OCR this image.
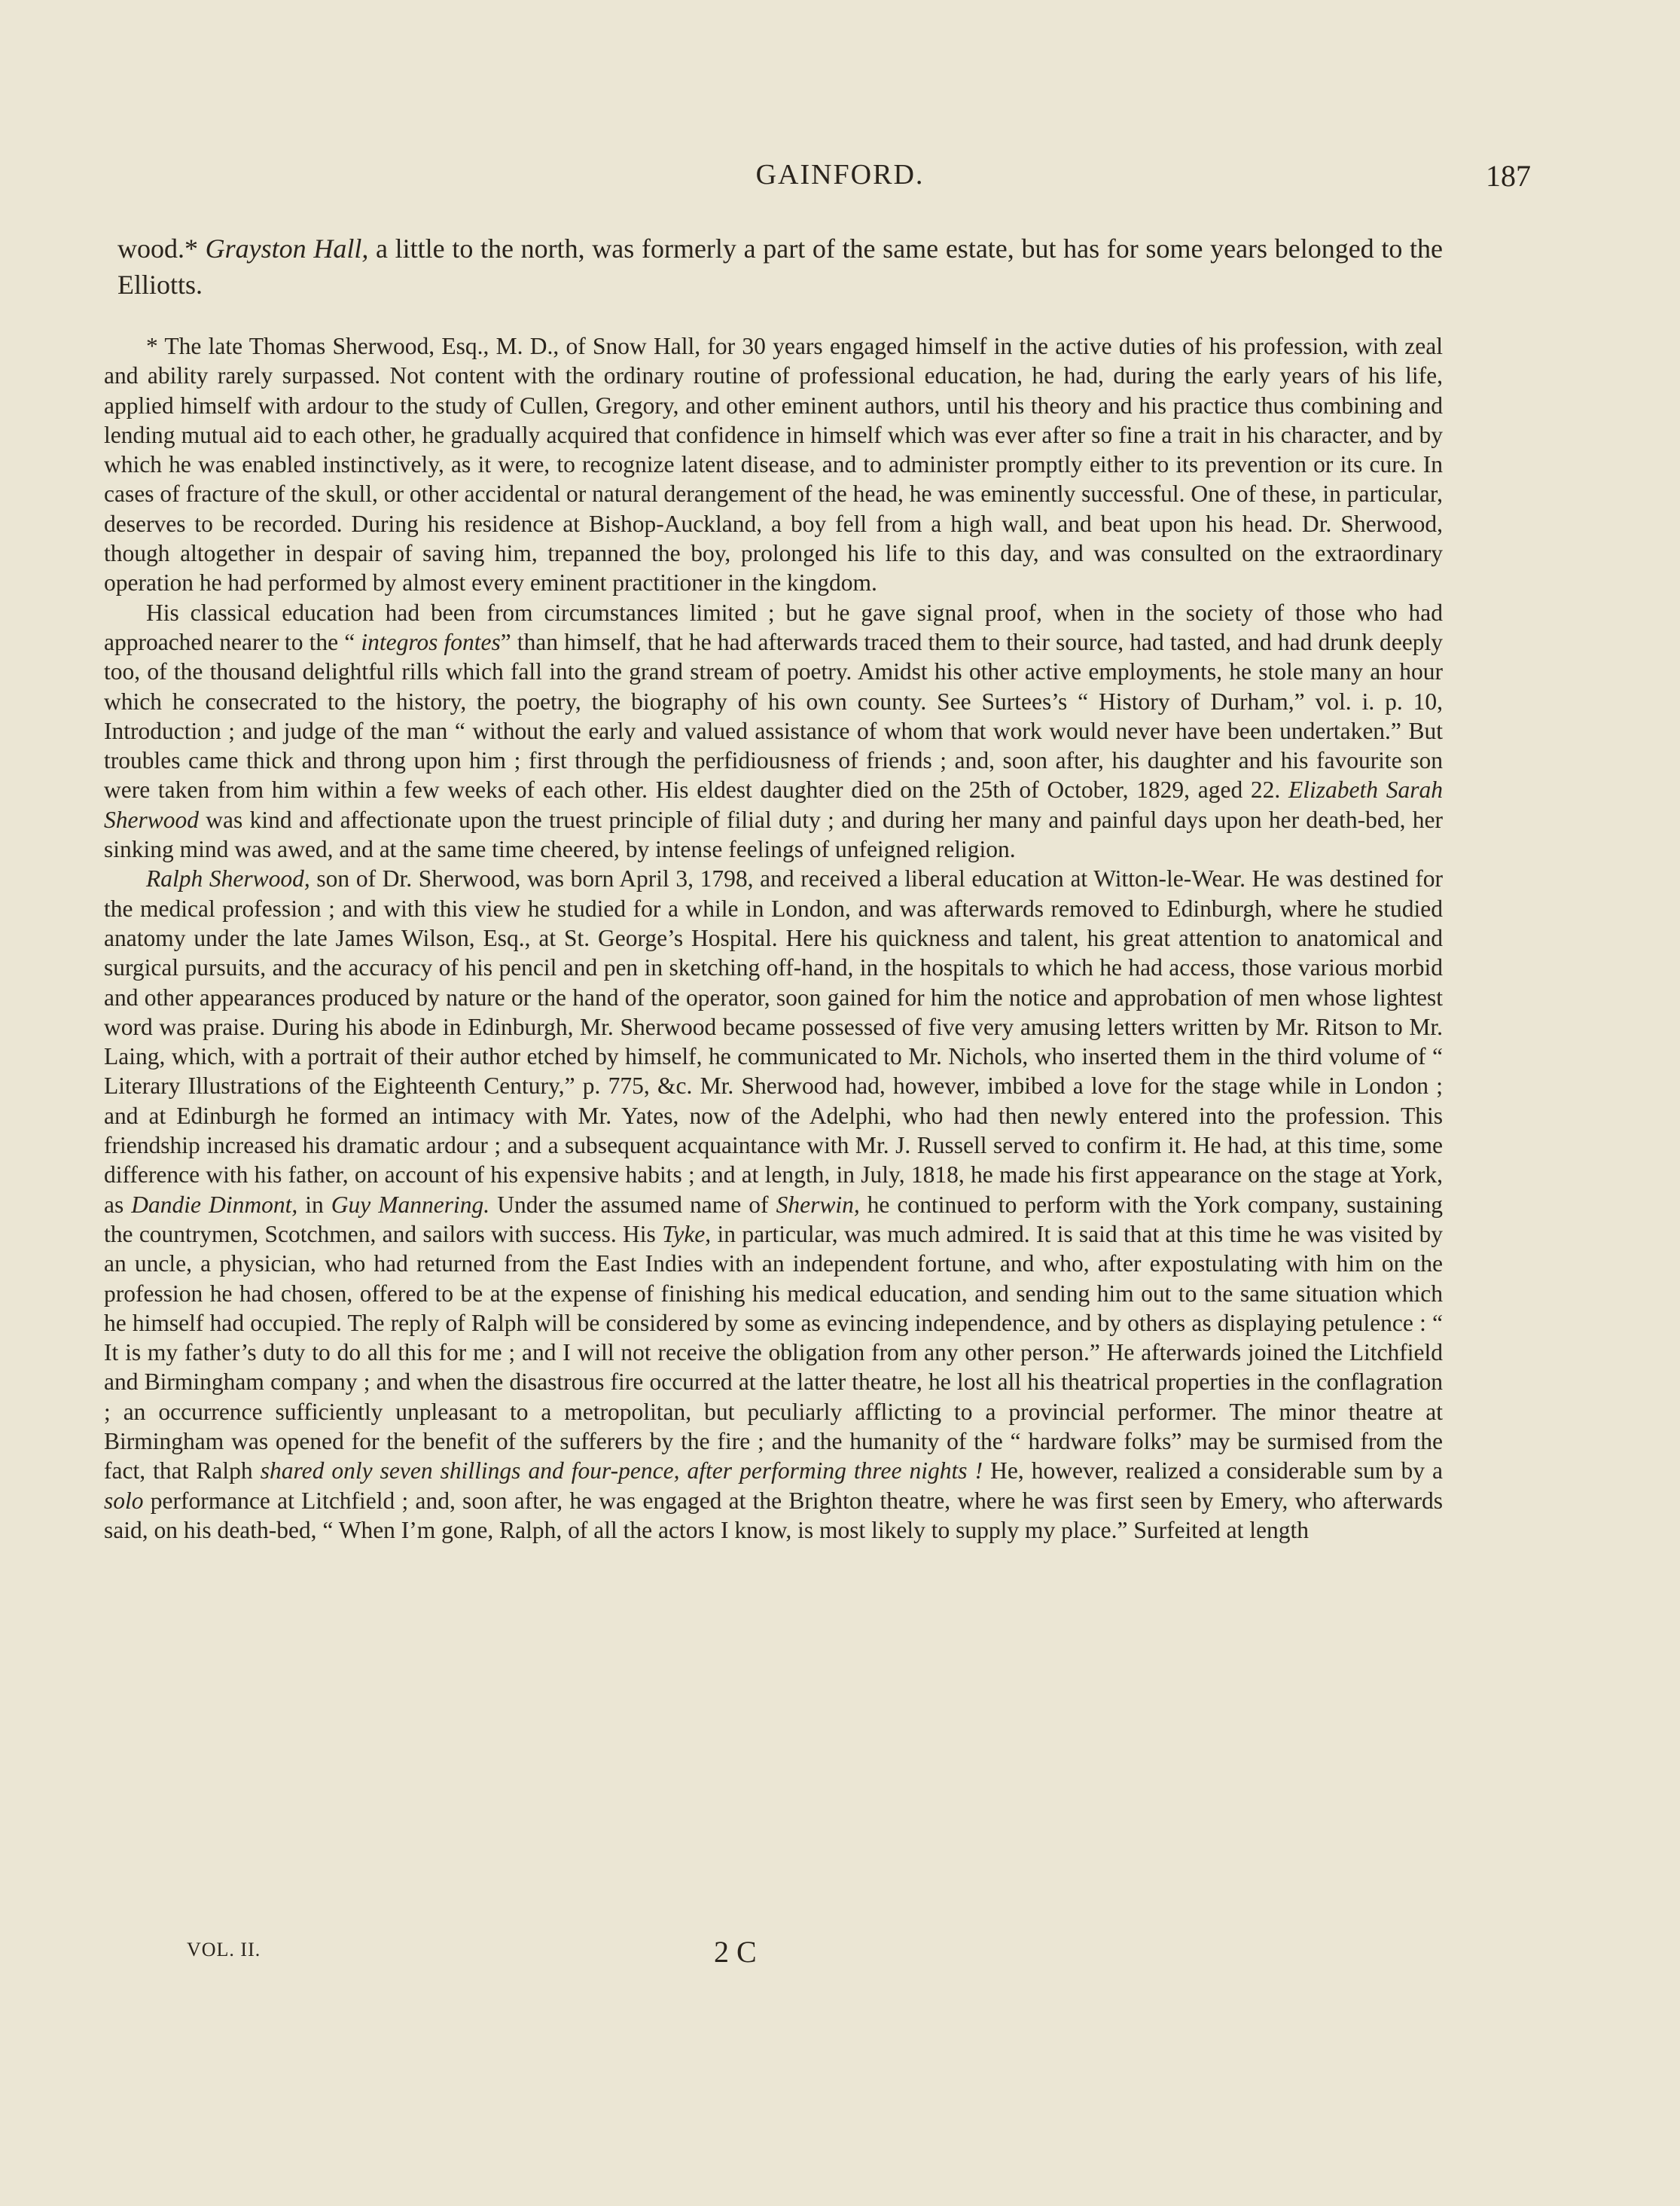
GAINFORD.	187
wood.* Grayston Hall, a little to the north, was formerly a part of the same estate, but has for some years belonged to the Elliotts.

* The late Thomas Sherwood, Esq., M. D., of Snow Hall, for 30 years engaged himself in the active duties of his profession, with zeal and ability rarely surpassed. Not content with the ordinary routine of professional education, he had, during the early years of his life, applied himself with ardour to the study of Cullen, Gregory, and other eminent authors, until his theory and his practice thus combining and lending mutual aid to each other, he gradually acquired that confidence in himself which was ever after so fine a trait in his character, and by which he was enabled instinctively, as it were, to recognize latent disease, and to administer promptly either to its prevention or its cure. In cases of fracture of the skull, or other accidental or natural derangement of the head, he was eminently successful. One of these, in particular, deserves to be recorded. During his residence at Bishop-Auckland, a boy fell from a high wall, and beat upon his head. Dr. Sherwood, though altogether in despair of saving him, trepanned the boy, prolonged his life to this day, and was consulted on the extraordinary operation he had performed by almost every eminent practitioner in the kingdom.

His classical education had been from circumstances limited ; but he gave signal proof, when in the society of those who had approached nearer to the “ integros fontes” than himself, that he had afterwards traced them to their source, had tasted, and had drunk deeply too, of the thousand delightful rills which fall into the grand stream of poetry. Amidst his other active employments, he stole many an hour which he consecrated to the history, the poetry, the biography of his own county. See Surtees’s “ History of Durham,” vol. i. p. 10, Introduction ; and judge of the man “ without the early and valued assistance of whom that work would never have been undertaken.” But troubles came thick and throng upon him ; first through the perfidiousness of friends ; and, soon after, his daughter and his favourite son were taken from him within a few weeks of each other. His eldest daughter died on the 25th of October, 1829, aged 22. Elizabeth Sarah Sherwood was kind and affectionate upon the truest principle of filial duty ; and during her many and painful days upon her death-bed, her sinking mind was awed, and at the same time cheered, by intense feelings of unfeigned religion.

Ralph Sherwood, son of Dr. Sherwood, was born April 3, 1798, and received a liberal education at Witton-le-Wear. He was destined for the medical profession ; and with this view he studied for a while in London, and was afterwards removed to Edinburgh, where he studied anatomy under the late James Wilson, Esq., at St. George’s Hospital. Here his quickness and talent, his great attention to anatomical and surgical pursuits, and the accuracy of his pencil and pen in sketching off-hand, in the hospitals to which he had access, those various morbid and other appearances produced by nature or the hand of the operator, soon gained for him the notice and approbation of men whose lightest word was praise. During his abode in Edinburgh, Mr. Sherwood became possessed of five very amusing letters written by Mr. Ritson to Mr. Laing, which, with a portrait of their author etched by himself, he communicated to Mr. Nichols, who inserted them in the third volume of “ Literary Illustrations of the Eighteenth Century,” p. 775, &c. Mr. Sherwood had, however, imbibed a love for the stage while in London ; and at Edinburgh he formed an intimacy with Mr. Yates, now of the Adelphi, who had then newly entered into the profession. This friendship increased his dramatic ardour ; and a subsequent acquaintance with Mr. J. Russell served to confirm it. He had, at this time, some difference with his father, on account of his expensive habits ; and at length, in July, 1818, he made his first appearance on the stage at York, as Dandie Dinmont, in Guy Mannering. Under the assumed name of Sherwin, he continued to perform with the York company, sustaining the countrymen, Scotchmen, and sailors with success. His Tyke, in particular, was much admired. It is said that at this time he was visited by an uncle, a physician, who had returned from the East Indies with an independent fortune, and who, after expostulating with him on the profession he had chosen, offered to be at the expense of finishing his medical education, and sending him out to the same situation which he himself had occupied. The reply of Ralph will be considered by some as evincing independence, and by others as displaying petulence : “ It is my father’s duty to do all this for me ; and I will not receive the obligation from any other person.” He afterwards joined the Litchfield and Birmingham company ; and when the disastrous fire occurred at the latter theatre, he lost all his theatrical properties in the conflagration ; an occurrence sufficiently unpleasant to a metropolitan, but peculiarly afflicting to a provincial performer. The minor theatre at Birmingham was opened for the benefit of the sufferers by the fire ; and the humanity of the “ hardware folks” may be surmised from the fact, that Ralph shared only seven shillings and four-pence, after performing three nights ! He, however, realized a considerable sum by a solo performance at Litchfield ; and, soon after, he was engaged at the Brighton theatre, where he was first seen by Emery, who afterwards said, on his death-bed, “ When I’m gone, Ralph, of all the actors I know, is most likely to supply my place.” Surfeited at length

VOL. II.	2 C
